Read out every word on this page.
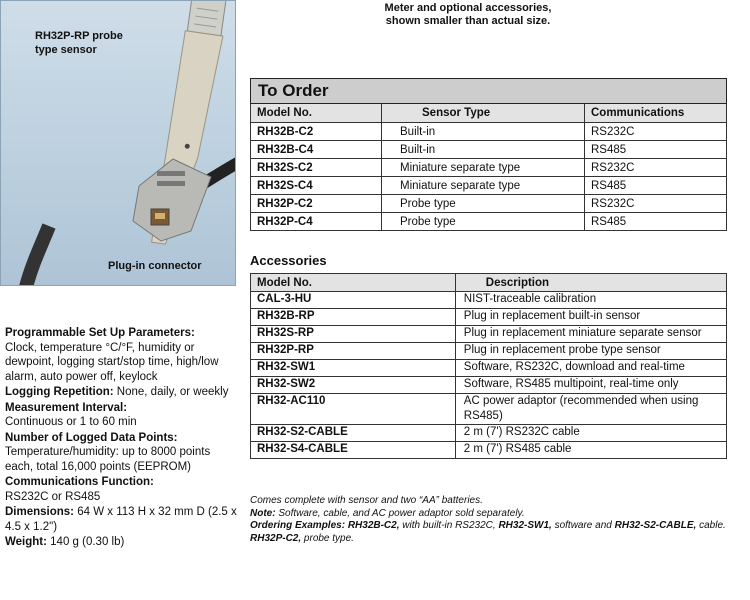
RH32P-RP probe
type sensor
Plug-in connector
Meter and optional accessories,
shown smaller than actual size.
Programmable Set Up Parameters:
Clock, temperature °C/°F, humidity or dewpoint, logging start/stop time, high/low alarm, auto power off, keylock
Logging Repetition: None, daily, or weekly
Measurement Interval:
Continuous or 1 to 60 min
Number of Logged Data Points:
Temperature/humidity: up to 8000 points each, total 16,000 points (EEPROM)
Communications Function:
RS232C or RS485
Dimensions: 64 W x 113 H x 32 mm D (2.5 x 4.5 x 1.2")
Weight: 140 g (0.30 lb)
To Order		
Model No.	Sensor Type	Communications
RH32B-C2	Built-in	RS232C
RH32B-C4	Built-in	RS485
RH32S-C2	Miniature separate type	RS232C
RH32S-C4	Miniature separate type	RS485
RH32P-C2	Probe type	RS232C
RH32P-C4	Probe type	RS485
Accessories
Model No.	Description
CAL-3-HU	NIST-traceable calibration
RH32B-RP	Plug in replacement built-in sensor
RH32S-RP	Plug in replacement miniature separate sensor
RH32P-RP	Plug in replacement probe type sensor
RH32-SW1	Software, RS232C, download and real-time
RH32-SW2	Software, RS485 multipoint, real-time only
RH32-AC110	AC power adaptor (recommended when using RS485)
RH32-S2-CABLE	2 m (7') RS232C cable
RH32-S4-CABLE	2 m (7') RS485 cable
Comes complete with sensor and two “AA” batteries.
Note: Software, cable, and AC power adaptor sold separately.
Ordering Examples: RH32B-C2, with built-in RS232C, RH32-SW1, software and RH32-S2-CABLE, cable. RH32P-C2, probe type.
